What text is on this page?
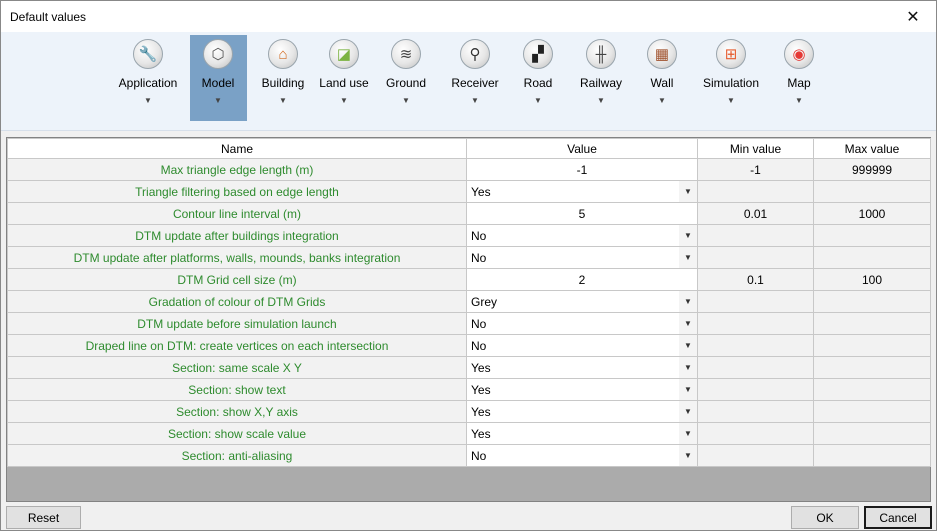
Default values	✕
🔧
Application
▼
⬡
Model
▼
⌂
Building
▼
◪
Land use
▼
≋
Ground
▼
⚲
Receiver
▼
▞
Road
▼
╫
Railway
▼
▦
Wall
▼
⊞
Simulation
▼
◉
Map
▼
Name	Value	Min value	Max value
Max triangle edge length (m)	-1	-1	999999
Triangle filtering based on edge length	Yes ▼		

Contour line interval (m)	5	0.01	1000
DTM update after buildings integration	No ▼		

DTM update after platforms, walls, mounds, banks integration	No ▼		

DTM Grid cell size (m)	2	0.1	100
Gradation of colour of DTM Grids	Grey ▼		

DTM update before simulation launch	No ▼		

Draped line on DTM: create vertices on each intersection	No ▼		

Section: same scale X Y	Yes ▼		

Section: show text	Yes ▼		

Section: show X,Y axis	Yes ▼		

Section: show scale value	Yes ▼		

Section: anti-aliasing	No ▼		

Reset	OK	Cancel
